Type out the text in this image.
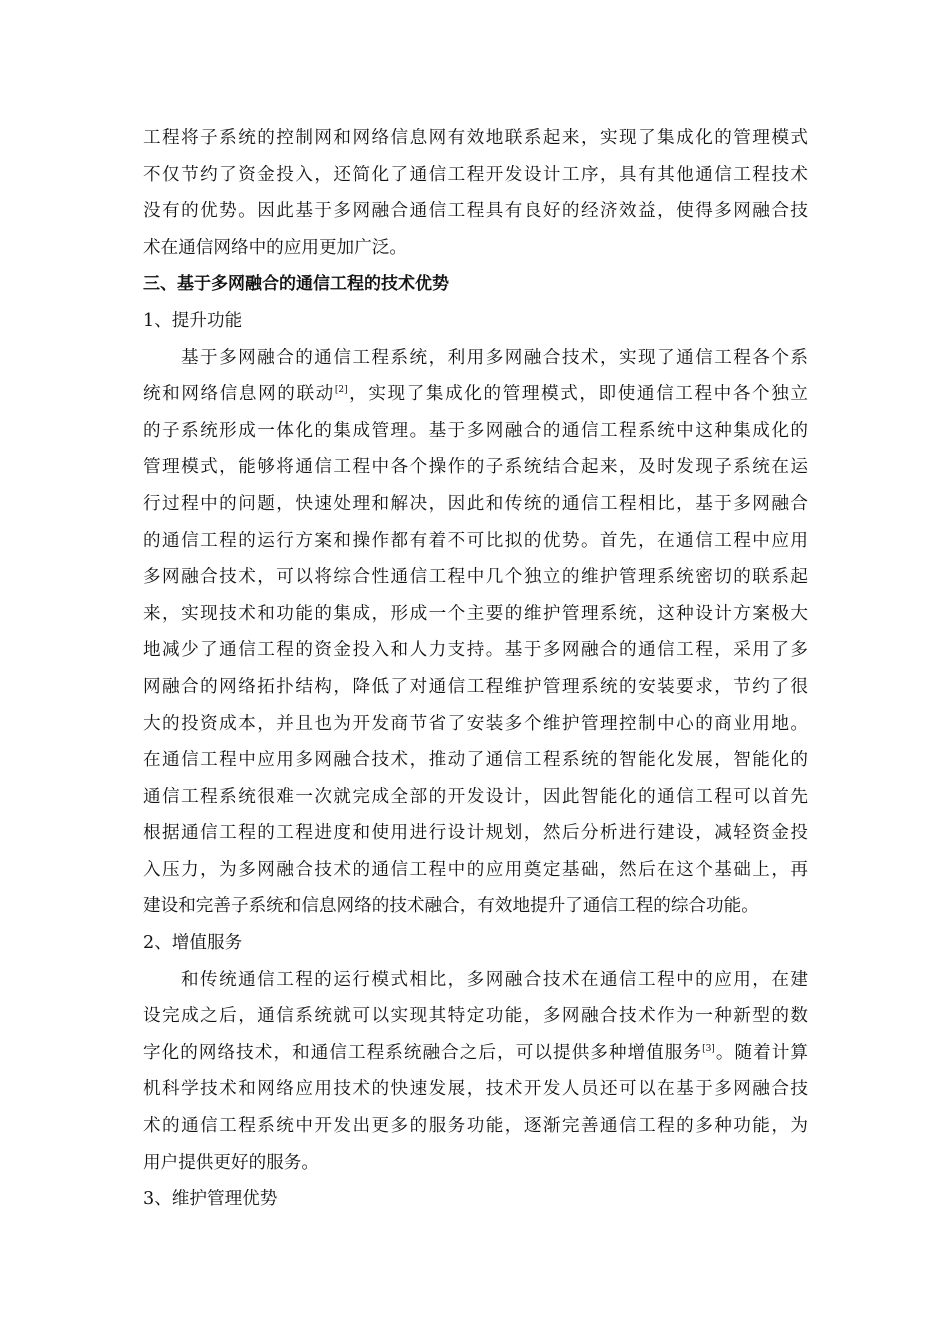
工程将子系统的控制网和网络信息网有效地联系起来，实现了集成化的管理模式
不仅节约了资金投入，还简化了通信工程开发设计工序，具有其他通信工程技术
没有的优势。因此基于多网融合通信工程具有良好的经济效益，使得多网融合技
术在通信网络中的应用更加广泛。
三、基于多网融合的通信工程的技术优势
1、提升功能
基于多网融合的通信工程系统，利用多网融合技术，实现了通信工程各个系
统和网络信息网的联动[2]，实现了集成化的管理模式，即使通信工程中各个独立
的子系统形成一体化的集成管理。基于多网融合的通信工程系统中这种集成化的
管理模式，能够将通信工程中各个操作的子系统结合起来，及时发现子系统在运
行过程中的问题，快速处理和解决，因此和传统的通信工程相比，基于多网融合
的通信工程的运行方案和操作都有着不可比拟的优势。首先，在通信工程中应用
多网融合技术，可以将综合性通信工程中几个独立的维护管理系统密切的联系起
来，实现技术和功能的集成，形成一个主要的维护管理系统，这种设计方案极大
地减少了通信工程的资金投入和人力支持。基于多网融合的通信工程，采用了多
网融合的网络拓扑结构，降低了对通信工程维护管理系统的安装要求，节约了很
大的投资成本，并且也为开发商节省了安装多个维护管理控制中心的商业用地。
在通信工程中应用多网融合技术，推动了通信工程系统的智能化发展，智能化的
通信工程系统很难一次就完成全部的开发设计，因此智能化的通信工程可以首先
根据通信工程的工程进度和使用进行设计规划，然后分析进行建设，减轻资金投
入压力，为多网融合技术的通信工程中的应用奠定基础，然后在这个基础上，再
建设和完善子系统和信息网络的技术融合，有效地提升了通信工程的综合功能。
2、增值服务
和传统通信工程的运行模式相比，多网融合技术在通信工程中的应用，在建
设完成之后，通信系统就可以实现其特定功能，多网融合技术作为一种新型的数
字化的网络技术，和通信工程系统融合之后，可以提供多种增值服务[3]。随着计算
机科学技术和网络应用技术的快速发展，技术开发人员还可以在基于多网融合技
术的通信工程系统中开发出更多的服务功能，逐渐完善通信工程的多种功能，为
用户提供更好的服务。
3、维护管理优势
